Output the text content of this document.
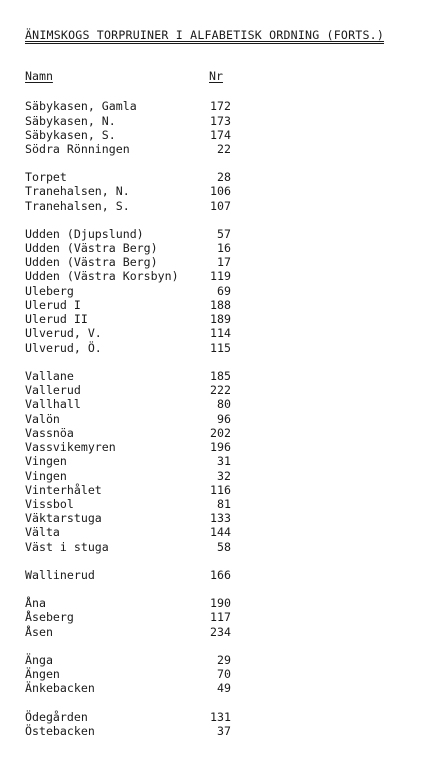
ÄNIMSKOGS TORPRUINER I ALFABETISK ORDNING (FORTS.)
Namn	Nr
Säbykasen, Gamla	172
Säbykasen, N.	173
Säbykasen, S.	174
Södra Rönningen	22
Torpet	28
Tranehalsen, N.	106
Tranehalsen, S.	107
Udden (Djupslund)	57
Udden (Västra Berg)	16
Udden (Västra Berg)	17
Udden (Västra Korsbyn)	119
Uleberg	69
Ulerud I	188
Ulerud II	189
Ulverud, V.	114
Ulverud, Ö.	115
Vallane	185
Vallerud	222
Vallhall	80
Valön	96
Vassnöa	202
Vassvikemyren	196
Vingen	31
Vingen	32
Vinterhålet	116
Vissbol	81
Väktarstuga	133
Välta	144
Väst i stuga	58
Wallinerud	166
Åna	190
Åseberg	117
Åsen	234
Änga	29
Ängen	70
Änkebacken	49
Ödegården	131
Östebacken	37
